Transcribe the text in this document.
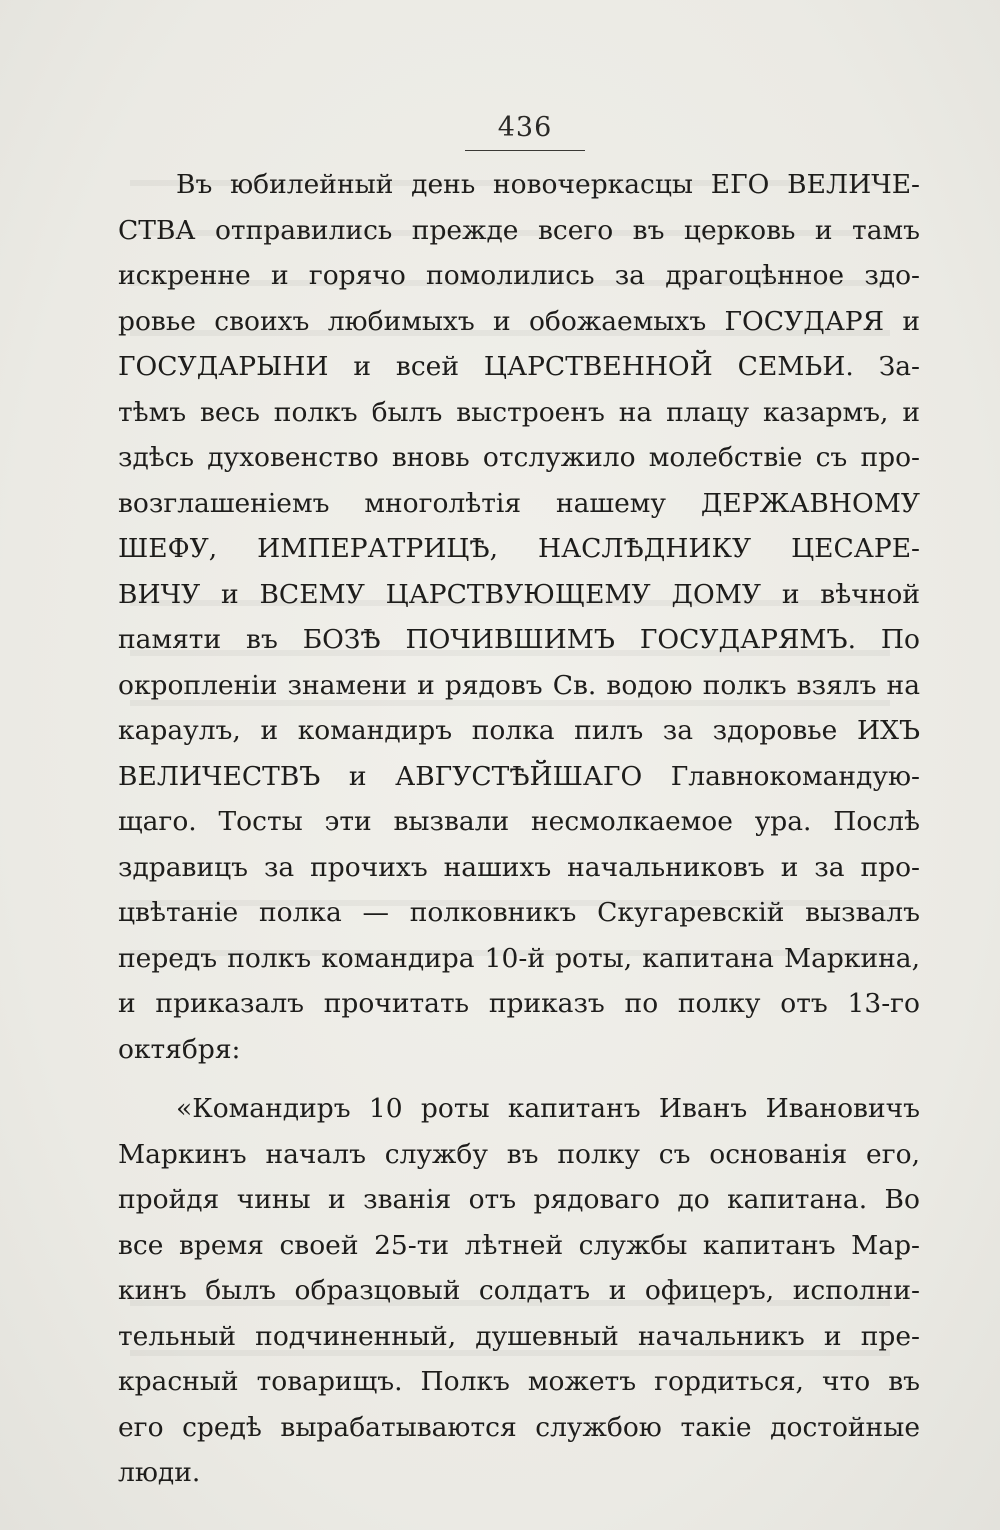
436
Въ юбилейный день новочеркасцы ЕГО ВЕЛИЧЕ-
СТВА отправились прежде всего въ церковь и тамъ
искренне и горячо помолились за драгоцѣнное здо-
ровье своихъ любимыхъ и обожаемыхъ ГОСУДАРЯ и
ГОСУДАРЫНИ и всей ЦАРСТВЕННОЙ СЕМЬИ. За-
тѣмъ весь полкъ былъ выстроенъ на плацу казармъ, и
здѣсь духовенство вновь отслужило молебствіе съ про-
возглашеніемъ многолѣтія нашему ДЕРЖАВНОМУ
ШЕФУ, ИМПЕРАТРИЦѢ, НАСЛѢДНИКУ ЦЕСАРЕ-
ВИЧУ и ВСЕМУ ЦАРСТВУЮЩЕМУ ДОМУ и вѣчной
памяти въ БОЗѢ ПОЧИВШИМЪ ГОСУДАРЯМЪ. По
окропленіи знамени и рядовъ Св. водою полкъ взялъ на
караулъ, и командиръ полка пилъ за здоровье ИХЪ
ВЕЛИЧЕСТВЪ и АВГУСТѢЙШАГО Главнокомандую-
щаго. Тосты эти вызвали несмолкаемое ура. Послѣ
здравицъ за прочихъ нашихъ начальниковъ и за про-
цвѣтаніе полка — полковникъ Скугаревскій вызвалъ
передъ полкъ командира 10-й роты, капитана Маркина,
и приказалъ прочитать приказъ по полку отъ 13-го
октября:
«Командиръ 10 роты капитанъ Иванъ Ивановичъ
Маркинъ началъ службу въ полку съ основанія его,
пройдя чины и званія отъ рядоваго до капитана. Во
все время своей 25-ти лѣтней службы капитанъ Мар-
кинъ былъ образцовый солдатъ и офицеръ, исполни-
тельный подчиненный, душевный начальникъ и пре-
красный товарищъ. Полкъ можетъ гордиться, что въ
его средѣ вырабатываются службою такіе достойные
люди.
